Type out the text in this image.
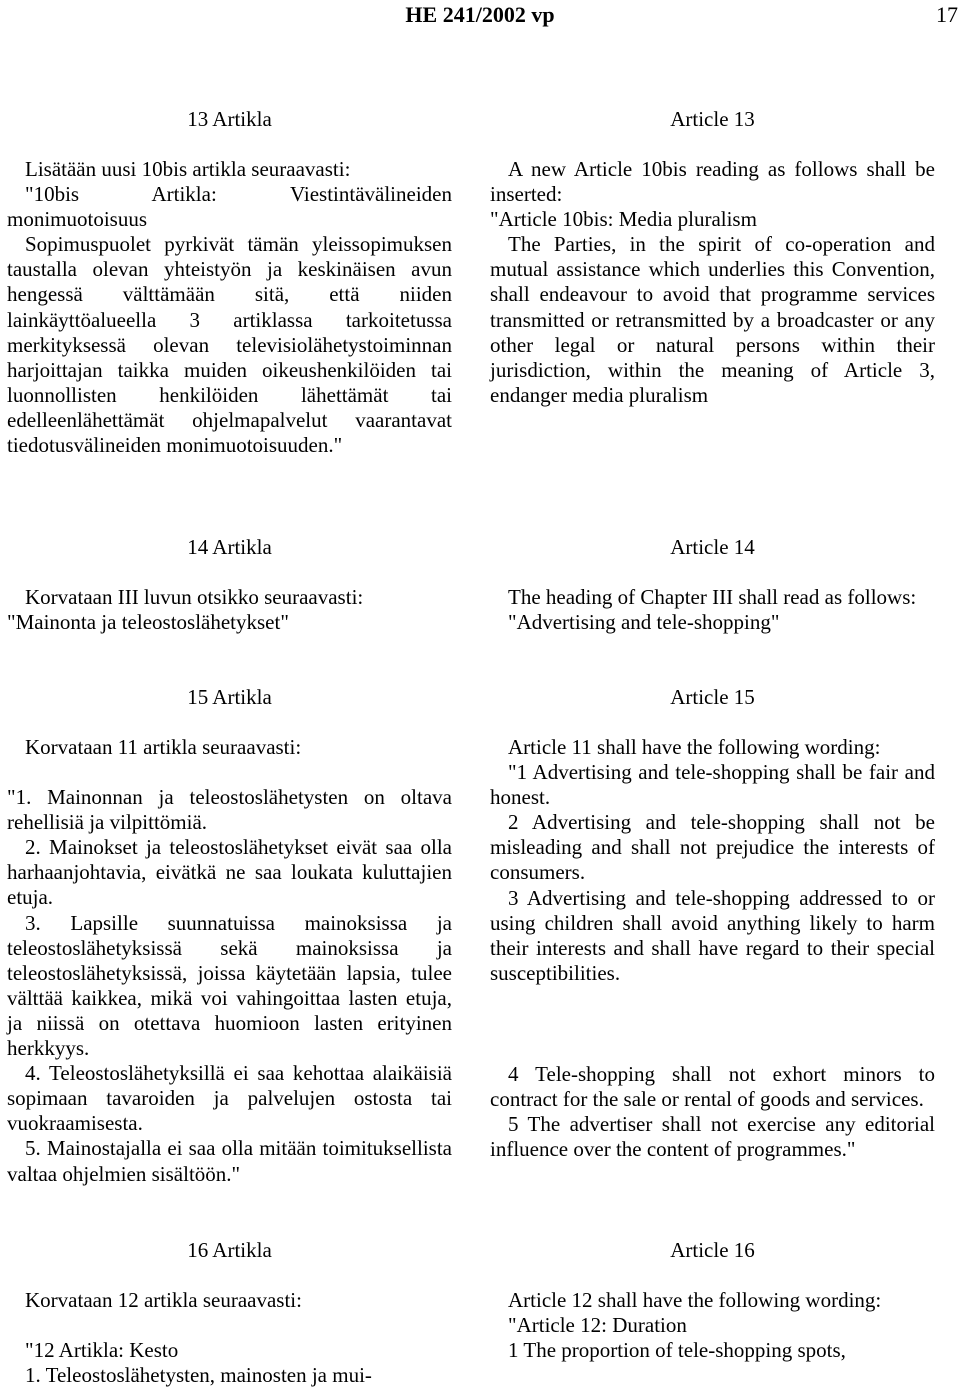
HE 241/2002 vp	17

13 Artikla

Lisätään uusi 10bis artikla seuraavasti:

"10bis Artikla: Viestintävälineiden monimuotoisuus

Sopimuspuolet pyrkivät tämän yleissopimuksen taustalla olevan yhteistyön ja keskinäisen avun hengessä välttämään sitä, että niiden lainkäyttöalueella 3 artiklassa tarkoitetussa merkityksessä olevan televisiolähetystoiminnan harjoittajan taikka muiden oikeushenkilöiden tai luonnollisten henkilöiden lähettämät tai edelleenlähettämät ohjelmapalvelut vaarantavat tiedotusvälineiden monimuotoisuuden."

14 Artikla

Korvataan III luvun otsikko seuraavasti:

"Mainonta ja teleostoslähetykset"

15 Artikla

Korvataan 11 artikla seuraavasti:

"1. Mainonnan ja teleostoslähetysten on oltava rehellisiä ja vilpittömiä.

2. Mainokset ja teleostoslähetykset eivät saa olla harhaanjohtavia, eivätkä ne saa loukata kuluttajien etuja.

3. Lapsille suunnatuissa mainoksissa ja teleostoslähetyksissä sekä mainoksissa ja teleostoslähetyksissä, joissa käytetään lapsia, tulee välttää kaikkea, mikä voi vahingoittaa lasten etuja, ja niissä on otettava huomioon lasten erityinen herkkyys.

4. Teleostoslähetyksillä ei saa kehottaa alaikäisiä sopimaan tavaroiden ja palvelujen ostosta tai vuokraamisesta.

5. Mainostajalla ei saa olla mitään toimituksellista valtaa ohjelmien sisältöön."

16 Artikla

Korvataan 12 artikla seuraavasti:

"12 Artikla: Kesto

1. Teleostoslähetysten, mainosten ja mui-

Article 13

A new Article 10bis reading as follows shall be inserted:

"Article 10bis: Media pluralism

The Parties, in the spirit of co-operation and mutual assistance which underlies this Convention, shall endeavour to avoid that programme services transmitted or retransmitted by a broadcaster or any other legal or natural persons within their jurisdiction, within the meaning of Article 3, endanger media pluralism

Article 14

The heading of Chapter III shall read as follows:

"Advertising and tele-shopping"

Article 15

Article 11 shall have the following wording:

"1 Advertising and tele-shopping shall be fair and honest.

2 Advertising and tele-shopping shall not be misleading and shall not prejudice the interests of consumers.

3 Advertising and tele-shopping addressed to or using children shall avoid anything likely to harm their interests and shall have regard to their special susceptibilities.

4 Tele-shopping shall not exhort minors to contract for the sale or rental of goods and services.

5 The advertiser shall not exercise any editorial influence over the content of programmes."

Article 16

Article 12 shall have the following wording:

"Article 12: Duration

1 The proportion of tele-shopping spots,
